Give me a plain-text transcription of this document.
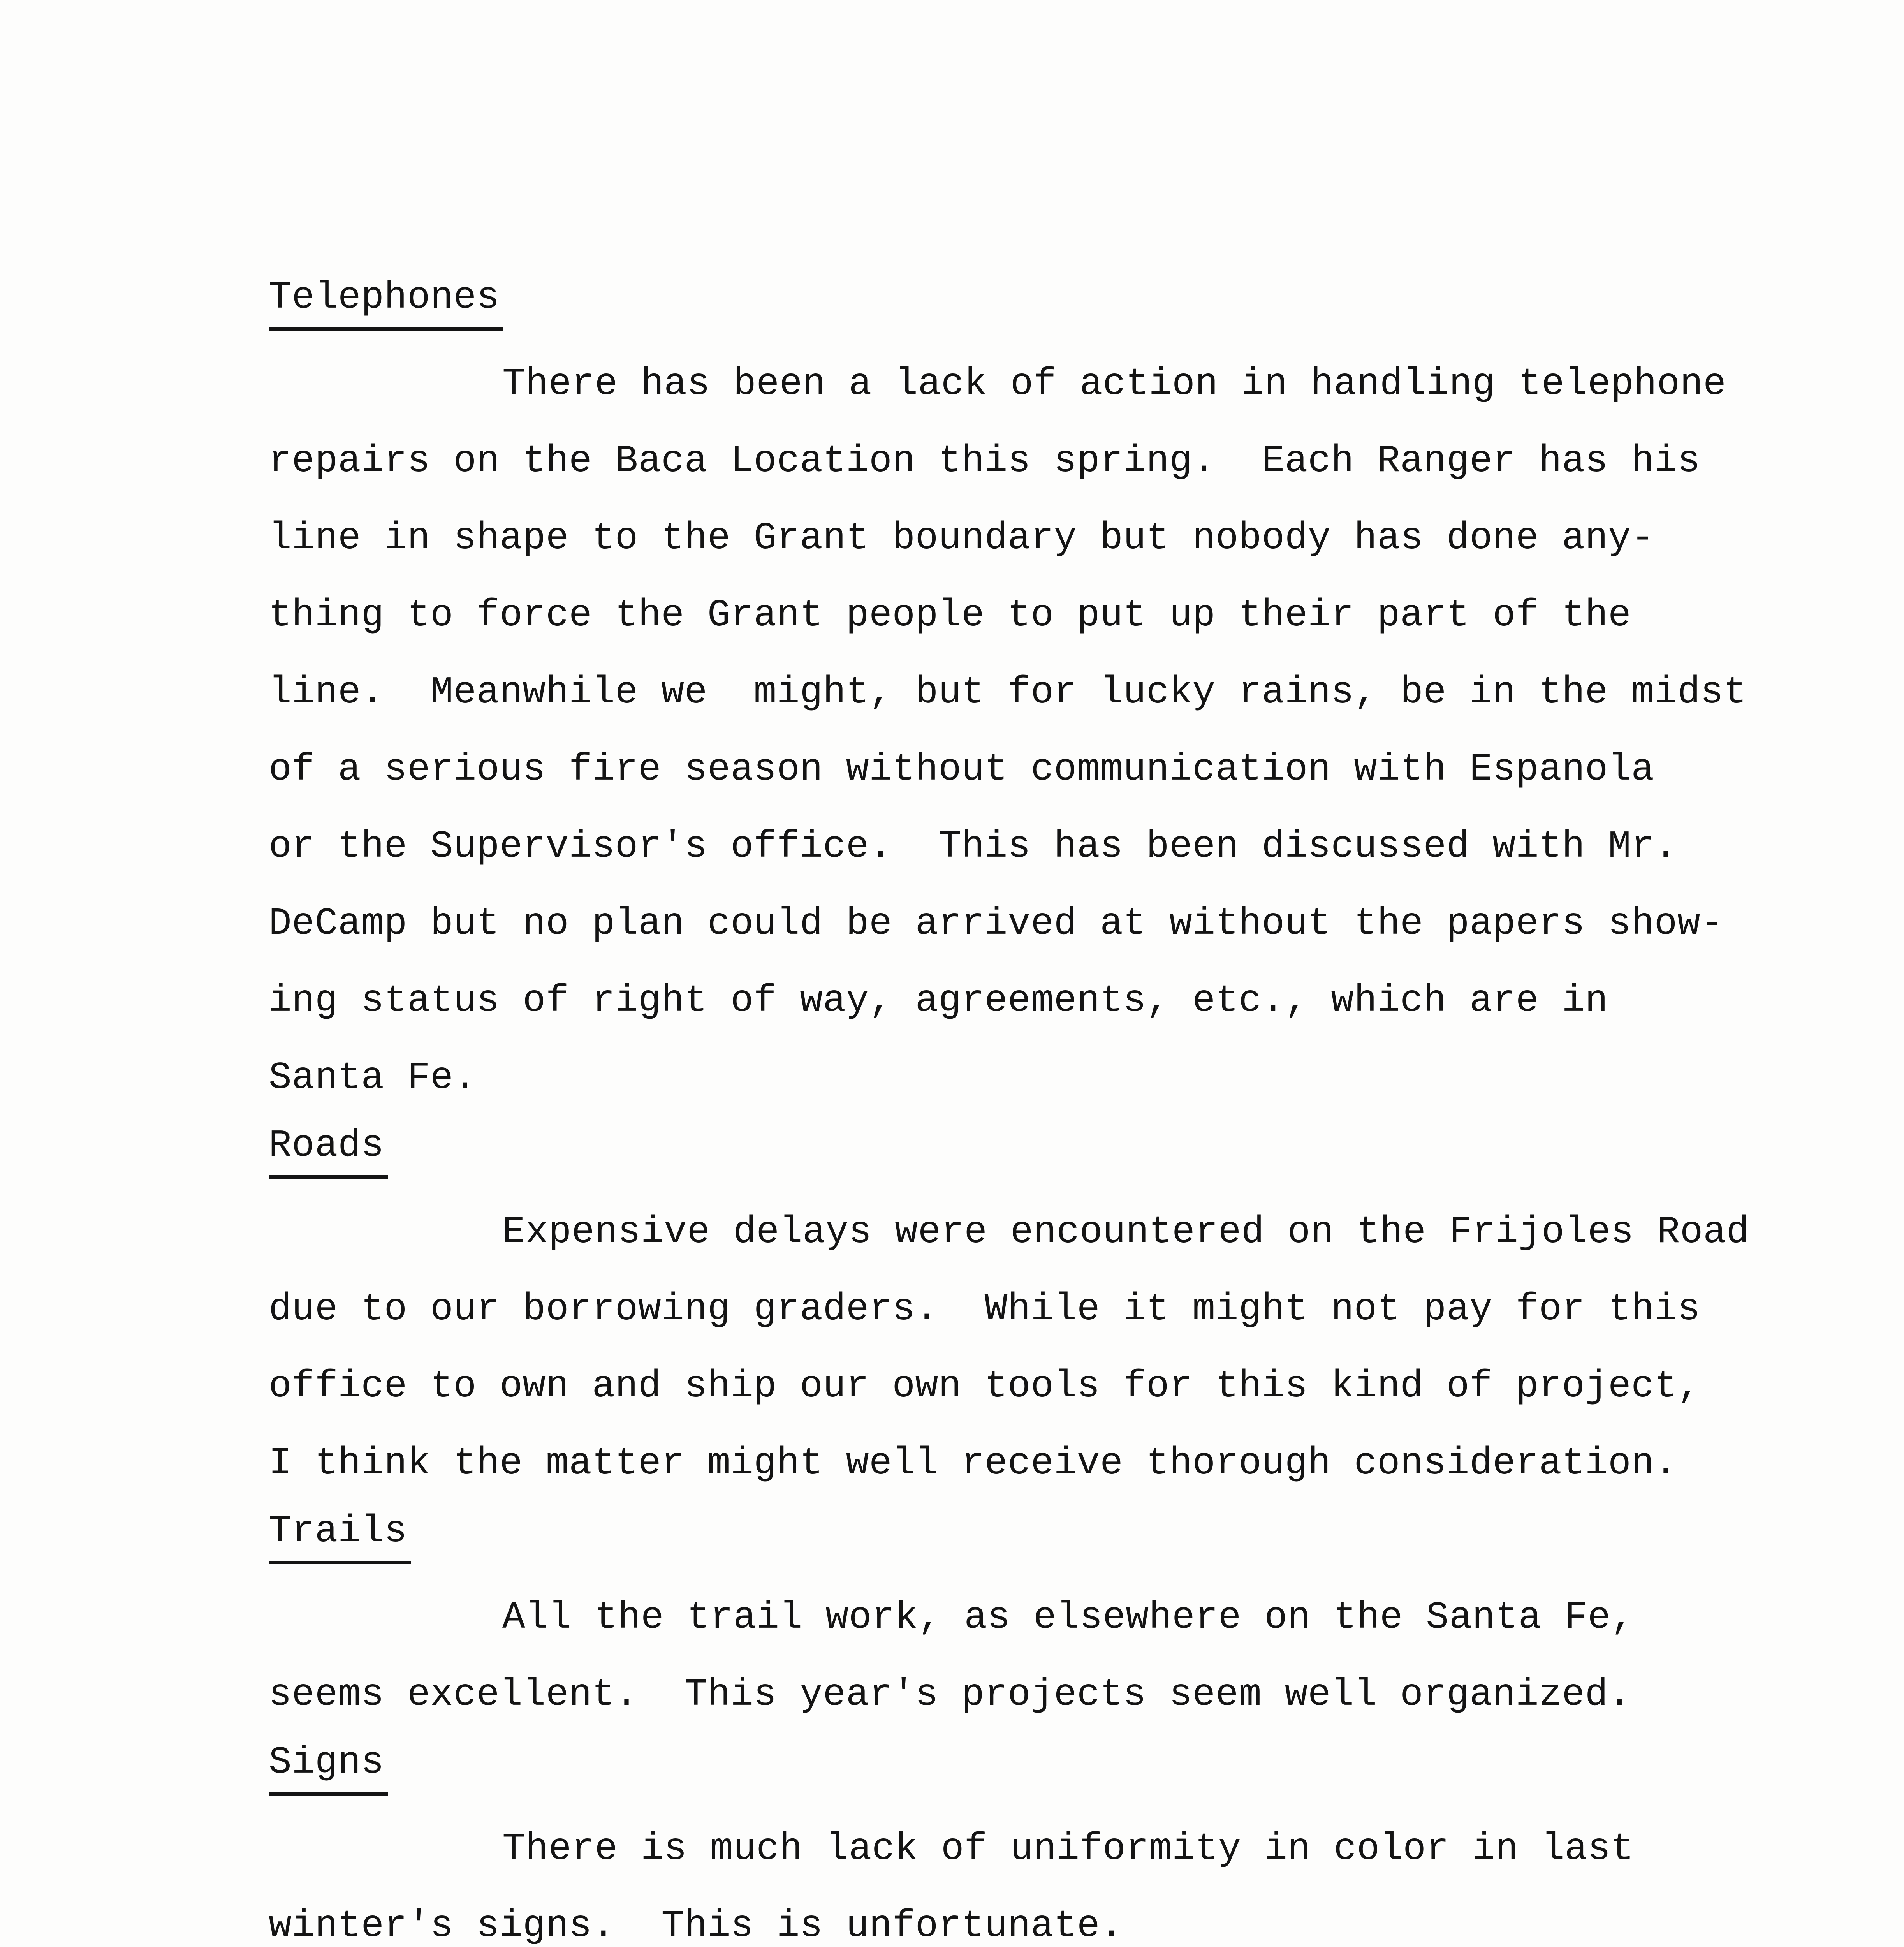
Telephones
There has been a lack of action in handling telephone
repairs on the Baca Location this spring.  Each Ranger has his
line in shape to the Grant boundary but nobody has done any-
thing to force the Grant people to put up their part of the
line.  Meanwhile we  might, but for lucky rains, be in the midst
of a serious fire season without communication with Espanola
or the Supervisor's office.  This has been discussed with Mr.
DeCamp but no plan could be arrived at without the papers show-
ing status of right of way, agreements, etc., which are in
Santa Fe.
Roads
Expensive delays were encountered on the Frijoles Road
due to our borrowing graders.  While it might not pay for this
office to own and ship our own tools for this kind of project,
I think the matter might well receive thorough consideration.
Trails
All the trail work, as elsewhere on the Santa Fe,
seems excellent.  This year's projects seem well organized.
Signs
There is much lack of uniformity in color in last
winter's signs.  This is unfortunate.
